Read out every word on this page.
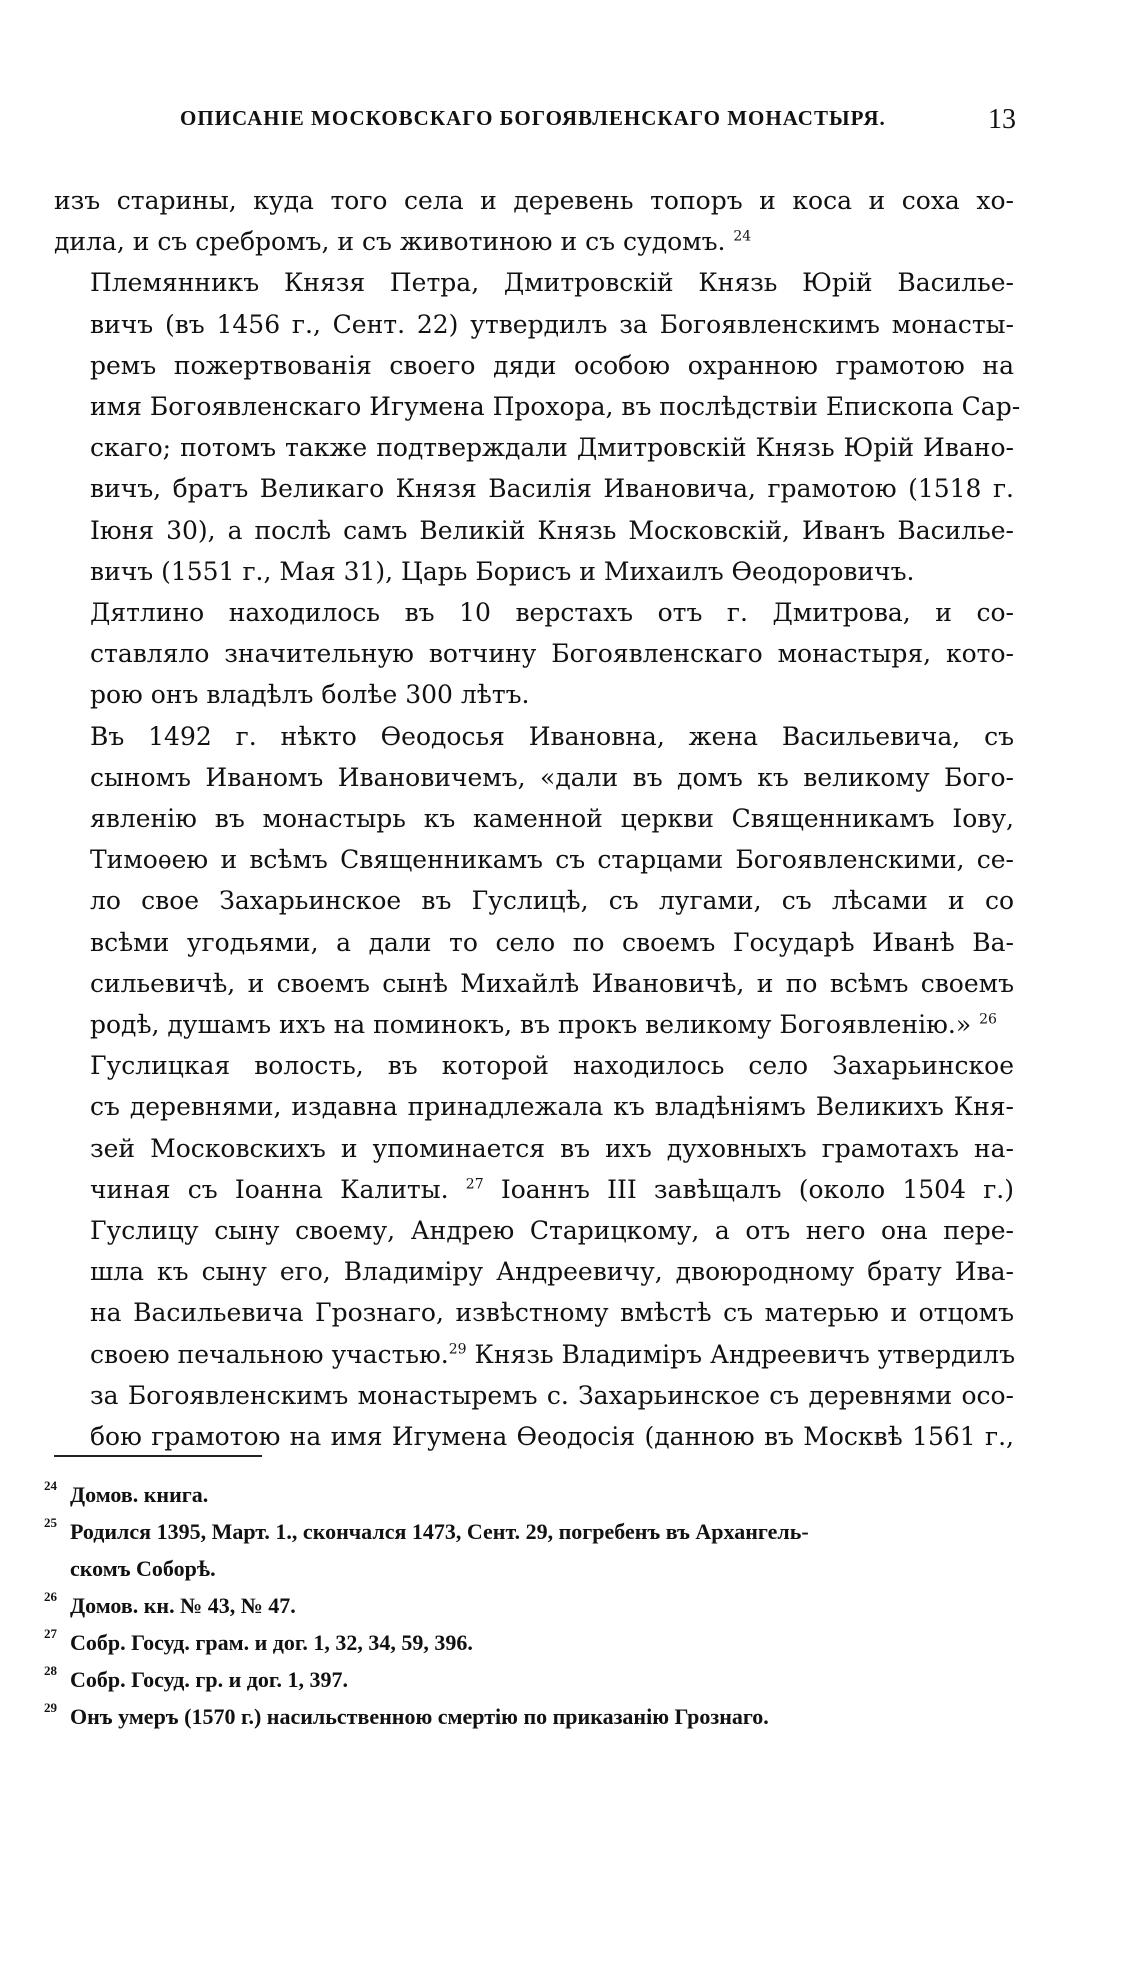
ОПИСАНІЕ МОСКОВСКАГО БОГОЯВЛЕНСКАГО МОНАСТЫРЯ.	13

изъ старины, куда того села и деревень топоръ и коса и соха хо-
дила, и съ сребромъ, и съ животиною и съ судомъ. $^{24}$

Племянникъ Князя Петра, Дмитровскій Князь Юрій Василье-
вичъ (въ 1456 г., Сент. 22) утвердилъ за Богоявленскимъ монасты-
ремъ пожертвованія своего дяди особою охранною грамотою на
имя Богоявленскаго Игумена Прохора, въ послѣдствіи Епископа Сар-
скаго; потомъ также подтверждали Дмитровскій Князь Юрій Ивано-
вичъ, братъ Великаго Князя Василія Ивановича, грамотою (1518 г.
Іюня 30), а послѣ самъ Великій Князь Московскій, Иванъ Василье-
вичъ (1551 г., Мая 31), Царь Борисъ и Михаилъ Ѳеодоровичъ.

Дятлино находилось въ 10 верстахъ отъ г. Дмитрова, и со-
ставляло значительную вотчину Богоявленскаго монастыря, кото-
рою онъ владѣлъ болѣе 300 лѣтъ.

Въ 1492 г. нѣкто Ѳеодосья Ивановна, жена Васильевича, съ
сыномъ Иваномъ Ивановичемъ, «дали въ домъ къ великому Бого-
явленію въ монастырь къ каменной церкви Священникамъ Іову,
Тимоѳею и всѣмъ Священникамъ съ старцами Богоявленскими, се-
ло свое Захарьинское въ Гуслицѣ, съ лугами, съ лѣсами и со
всѣми угодьями, а дали то село по своемъ Государѣ Иванѣ Ва-
сильевичѣ, и своемъ сынѣ Михайлѣ Ивановичѣ, и по всѣмъ своемъ
родѣ, душамъ ихъ на поминокъ, въ прокъ великому Богоявленію.» $^{26}$

Гуслицкая волость, въ которой находилось село Захарьинское
съ деревнями, издавна принадлежала къ владѣніямъ Великихъ Кня-
зей Московскихъ и упоминается въ ихъ духовныхъ грамотахъ на-
чиная съ Іоанна Калиты. $^{27}$ Іоаннъ III завѣщалъ (около 1504 г.)
Гуслицу сыну своему, Андрею Старицкому, а отъ него она пере-
шла къ сыну его, Владиміру Андреевичу, двоюродному брату Ива-
на Васильевича Грознаго, извѣстному вмѣстѣ съ матерью и отцомъ
своею печальною участью.$^{29}$ Князь Владиміръ Андреевичъ утвердилъ
за Богоявленскимъ монастыремъ с. Захарьинское съ деревнями осо-
бою грамотою на имя Игумена Ѳеодосія (данною въ Москвѣ 1561 г.,

24 Домов. книга.
25 Родился 1395, Март. 1., скончался 1473, Сент. 29, погребенъ въ Архангель-
скомъ Соборѣ.
26 Домов. кн. № 43, № 47.
27 Собр. Госуд. грам. и дог. 1, 32, 34, 59, 396.
28 Собр. Госуд. гр. и дог. 1, 397.
29 Онъ умеръ (1570 г.) насильственною смертію по приказанію Грознаго.
